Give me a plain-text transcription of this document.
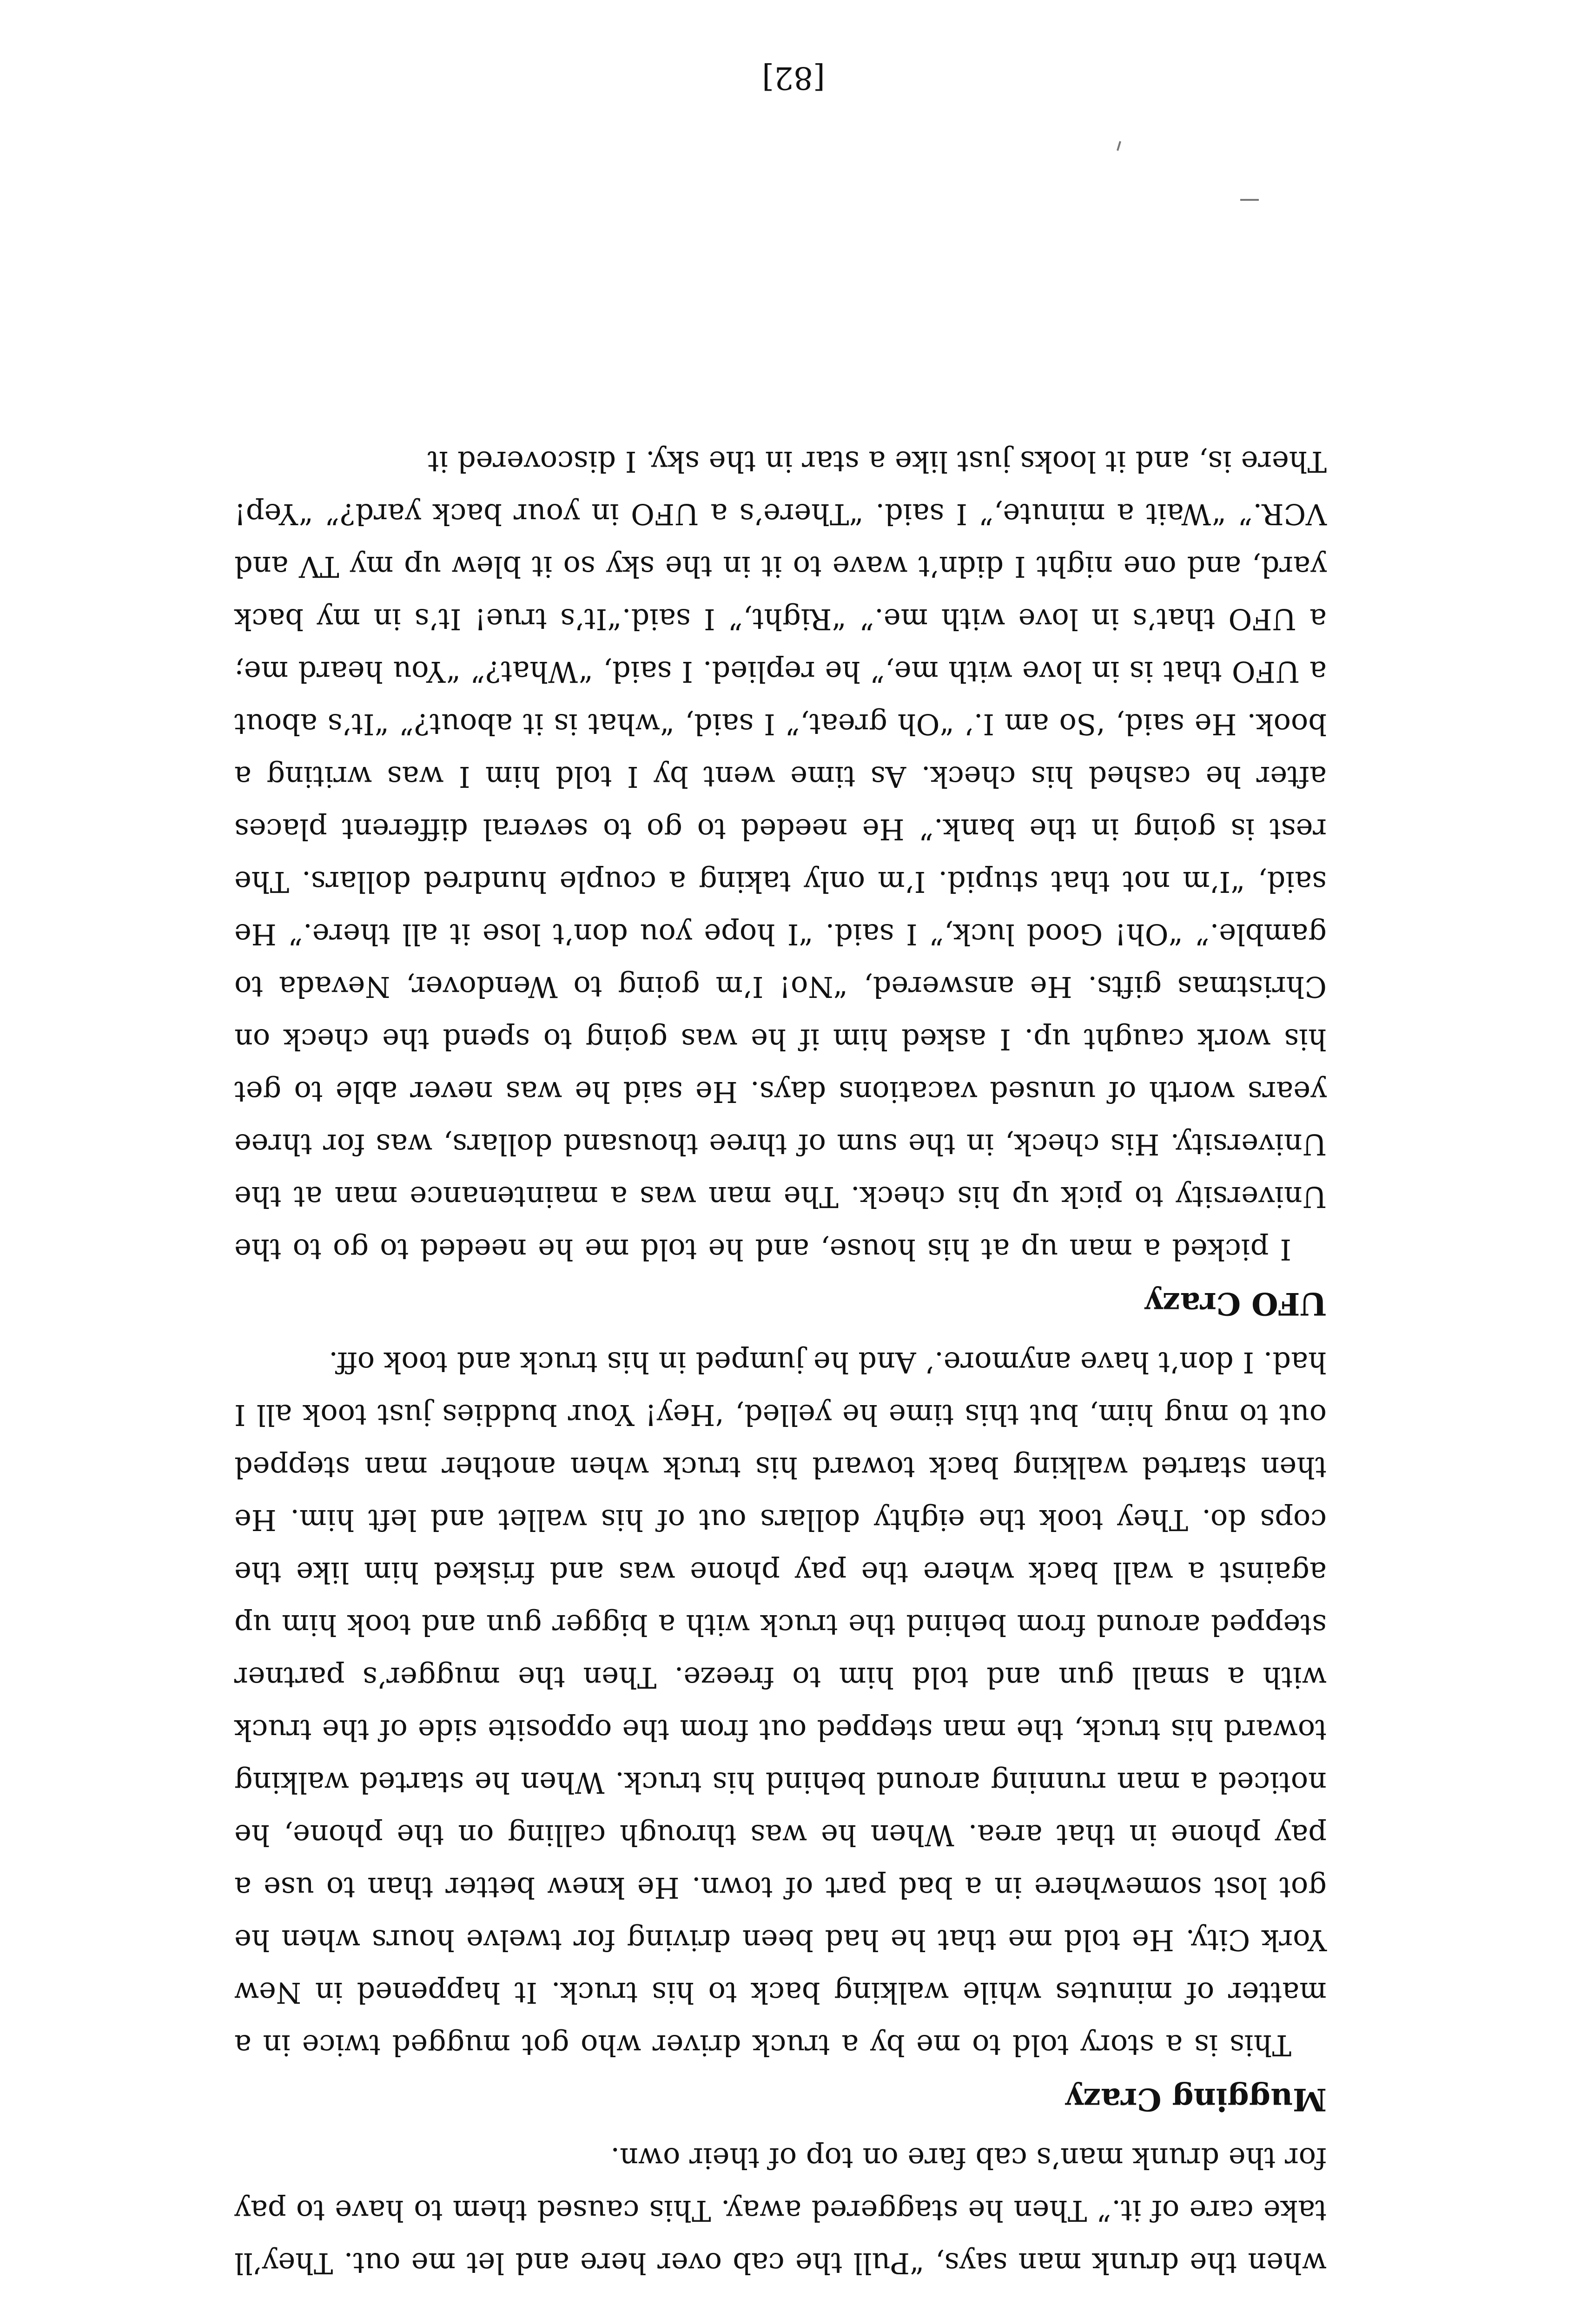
when the drunk man says, “Pull the cab over here and let me out. They’ll take care of it.” Then he staggered away. This caused them to have to pay for the drunk man’s cab fare on top of their own.

Mugging Crazy

This is a story told to me by a truck driver who got mugged twice in a matter of minutes while walking back to his truck. It happened in New York City. He told me that he had been driving for twelve hours when he got lost somewhere in a bad part of town. He knew better than to use a pay phone in that area. When he was through calling on the phone, he noticed a man running around behind his truck. When he started walking toward his truck, the man stepped out from the opposite side of the truck with a small gun and told him to freeze. Then the mugger’s partner stepped around from behind the truck with a bigger gun and took him up against a wall back where the pay phone was and frisked him like the cops do. They took the eighty dollars out of his wallet and left him. He then started walking back toward his truck when another man stepped out to mug him, but this time he yelled, ‘Hey! Your buddies just took all I had. I don’t have anymore.’ And he jumped in his truck and took off.

UFO Crazy

I picked a man up at his house, and he told me he needed to go to the University to pick up his check. The man was a maintenance man at the University. His check, in the sum of three thousand dollars, was for three years worth of unused vacations days. He said he was never able to get his work caught up. I asked him if he was going to spend the check on Christmas gifts. He answered, “No! I’m going to Wendover, Nevada to gamble.” “Oh! Good luck,” I said. “I hope you don’t lose it all there.” He said, “I’m not that stupid. I’m only taking a couple hundred dollars. The rest is going in the bank.” He needed to go to several different places after he cashed his check. As time went by I told him I was writing a book. He said, ‘So am I.’ “Oh great,” I said, “what is it about?” “It’s about a UFO that is in love with me,” he replied. I said, “What?” “You heard me; a UFO that’s in love with me.” “Right,” I said.“It’s true! It’s in my back yard, and one night I didn’t wave to it in the sky so it blew up my TV and VCR.” “Wait a minute,” I said. “There’s a UFO in your back yard?” “Yep! There is, and it looks just like a star in the sky. I discovered it

[82]
